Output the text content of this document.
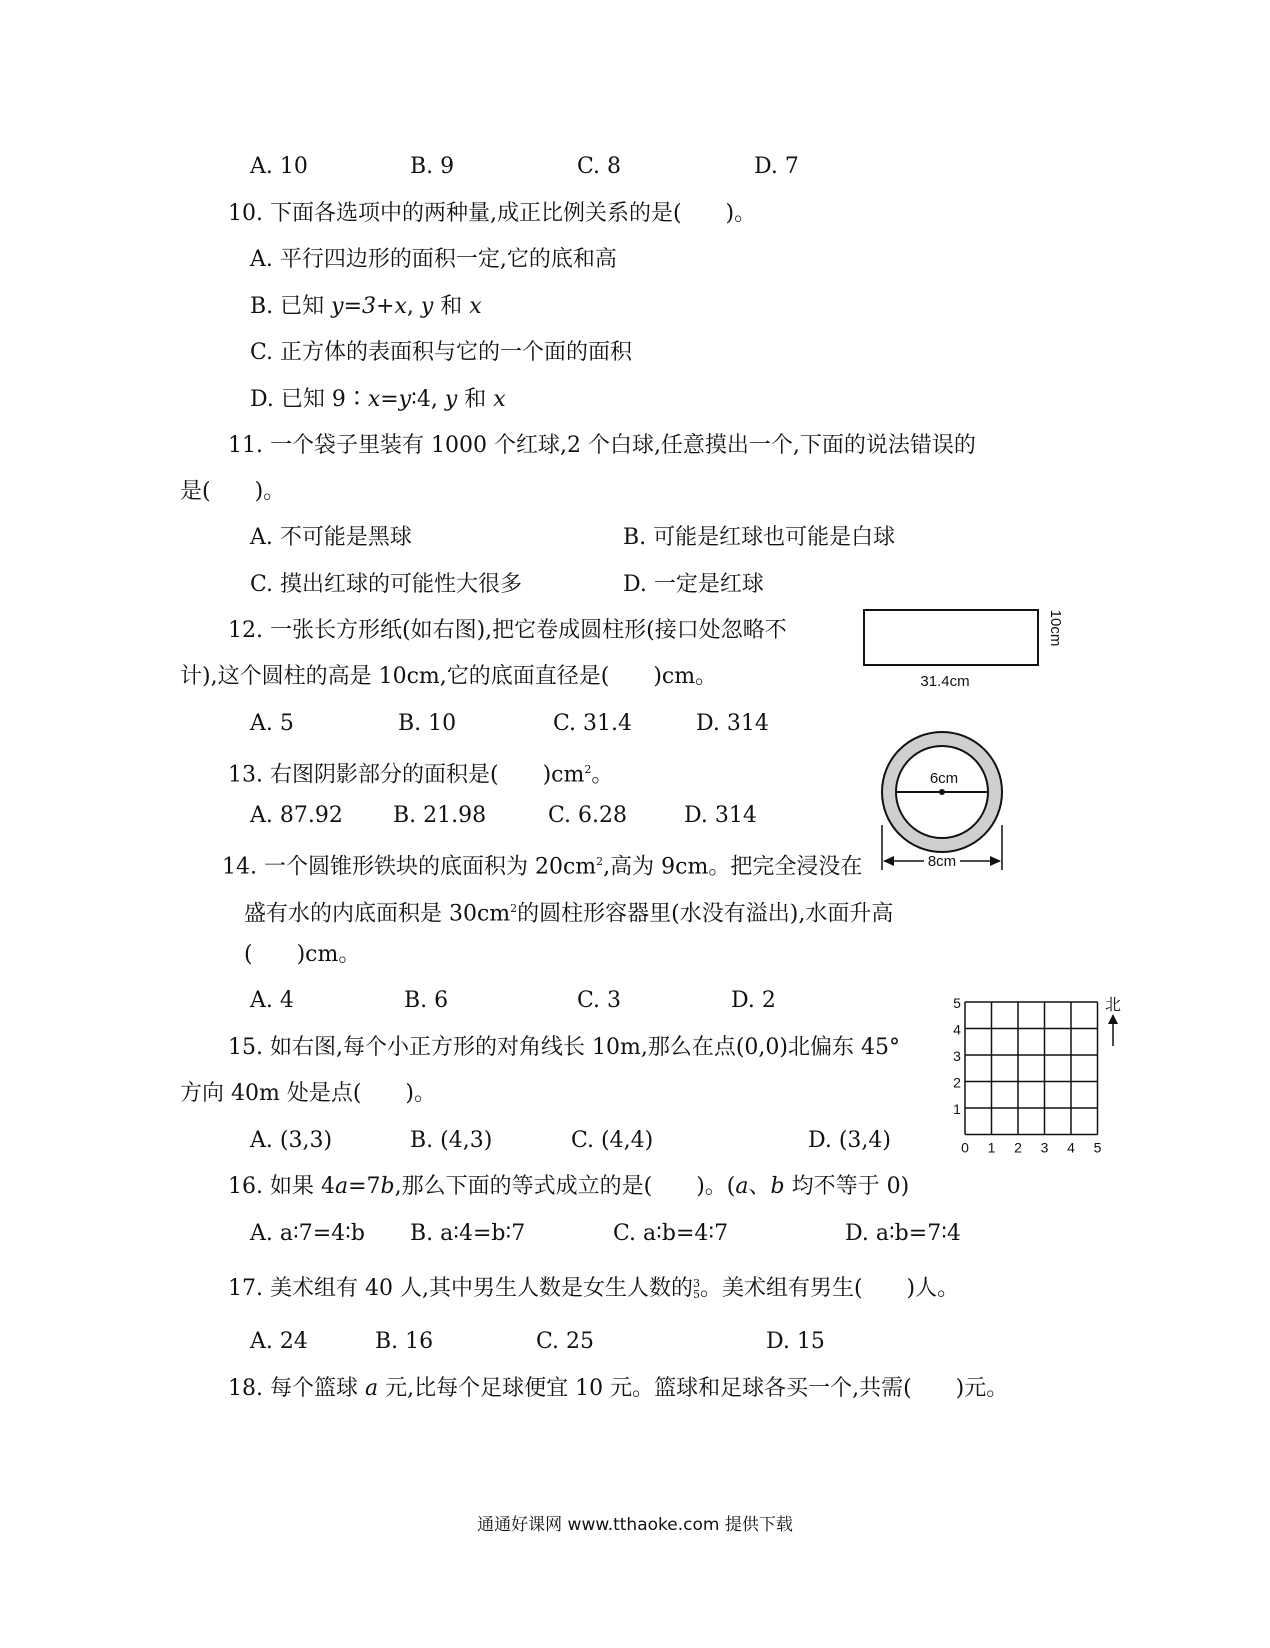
A. 10	B. 9	C. 8	D. 7
10. 下面各选项中的两种量,成正比例关系的是(　　)。
A. 平行四边形的面积一定,它的底和高
B. 已知 y=3+x, y 和 x
C. 正方体的表面积与它的一个面的面积
D. 已知 9∶x=y∶4, y 和 x
11. 一个袋子里装有 1000 个红球,2 个白球,任意摸出一个,下面的说法错误的
是(　　)。
A. 不可能是黑球	B. 可能是红球也可能是白球
C. 摸出红球的可能性大很多	D. 一定是红球
12. 一张长方形纸(如右图),把它卷成圆柱形(接口处忽略不
计),这个圆柱的高是 10cm,它的底面直径是(　　)cm。
A. 5	B. 10	C. 31.4	D. 314
31.4cm
10cm
13. 右图阴影部分的面积是(　　)$cm^2$。
A. 87.92 B. 21.98	C. 6.28	D. 314
6cm
8cm
14. 一个圆锥形铁块的底面积为 $20cm^2$,高为 9cm。把完全浸没在
盛有水的内底面积是 $30cm^2$的圆柱形容器里(水没有溢出),水面升高
(　　)cm。
A. 4	B. 6	C. 3	D. 2
15. 如右图,每个小正方形的对角线长 10m,那么在点(0,0)北偏东 45°
方向 40m 处是点(　　)。
A. (3,3)	B. (4,3)	C. (4,4)	D. (3,4)	0 1 2 3 4 5
1
2
3
4
5	北
16. 如果 4a=7b,那么下面的等式成立的是(　　)。(a、b 均不等于 0)
A. a∶7=4∶b B. a∶4=b∶7	C. a∶b=4∶7	D. a∶b=7∶4
17. 美术组有 40 人,其中男生人数是女生人数的 3
5 。美术组有男生(　　)人。
A. 24	B. 16	C. 25	D. 15
18. 每个篮球 a 元,比每个足球便宜 10 元。篮球和足球各买一个,共需(　　)元。
通通好课网 www.tthaoke.com 提供下载
